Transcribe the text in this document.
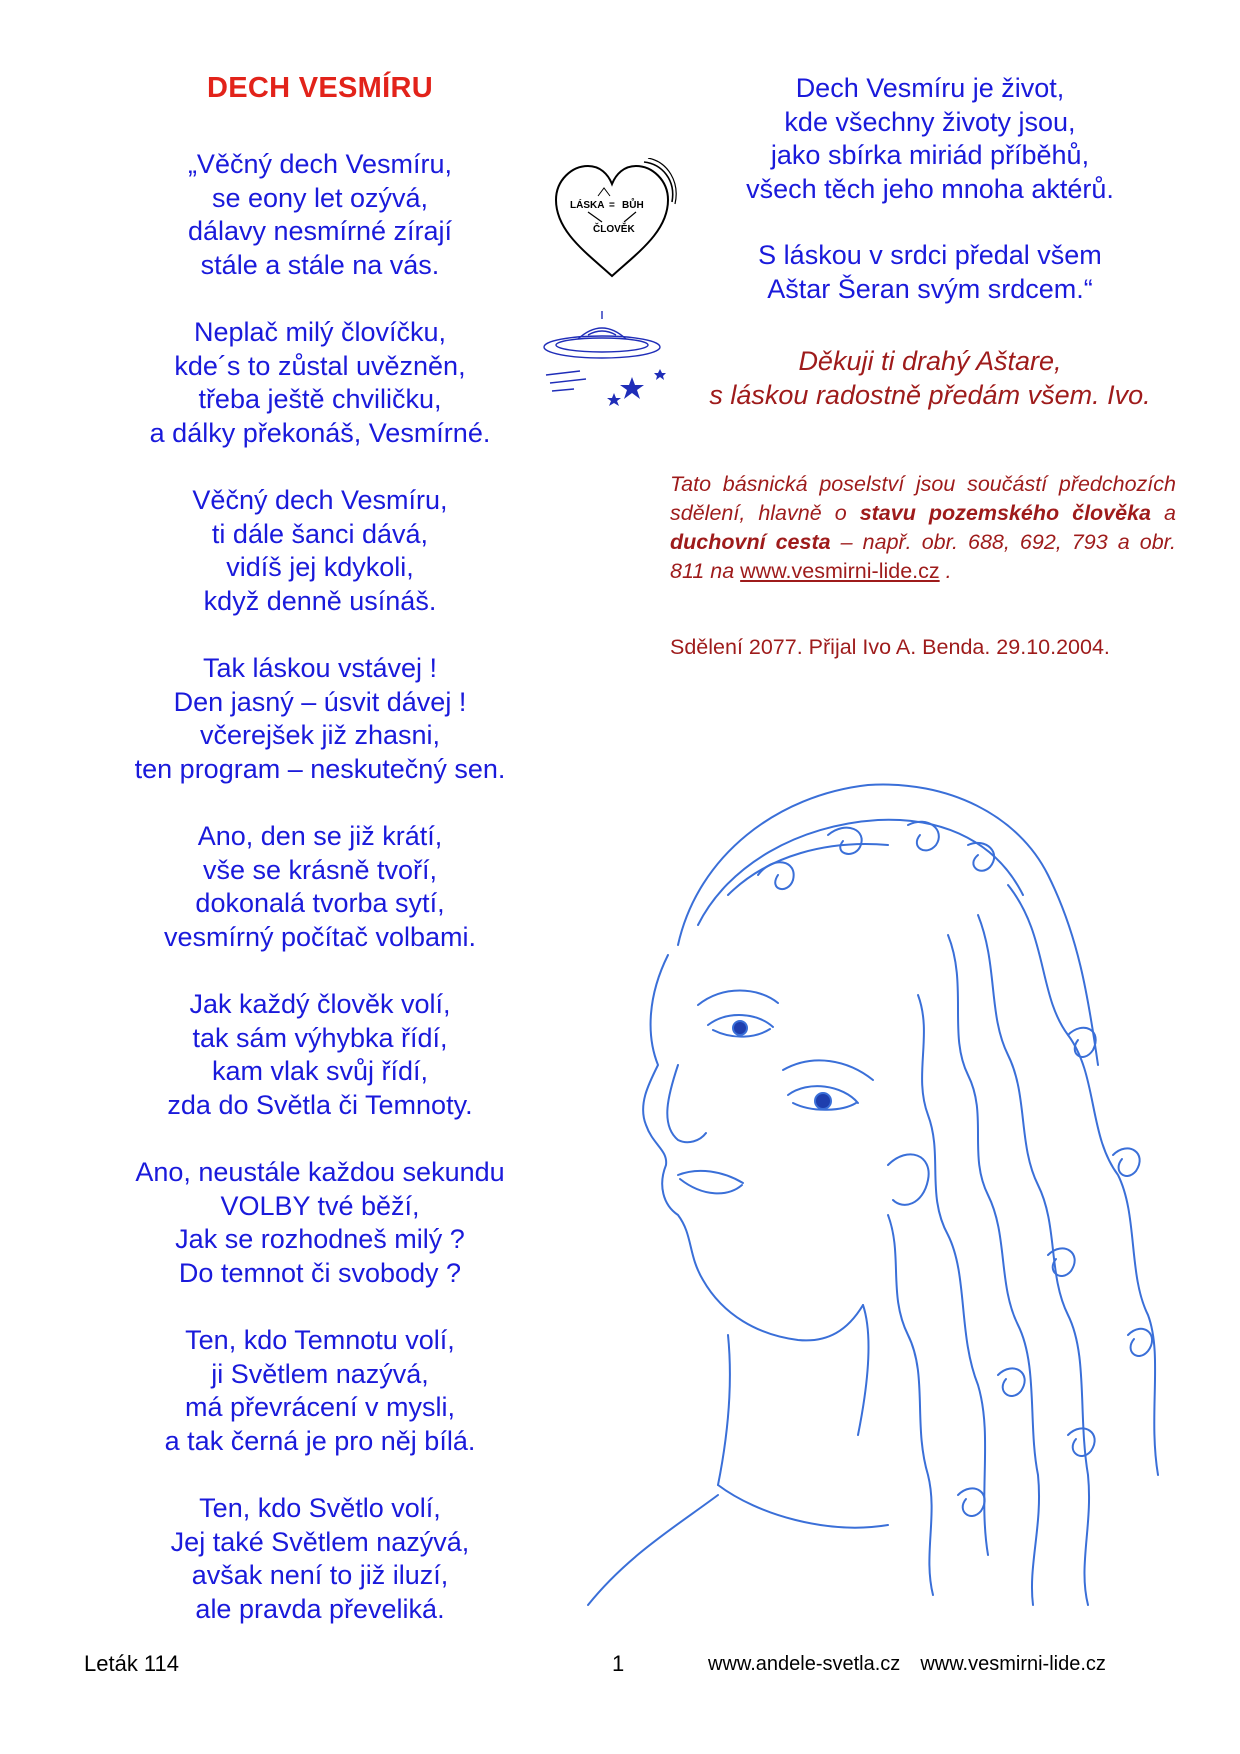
DECH VESMÍRU
„Věčný dech Vesmíru,
se eony let ozývá,
dálavy nesmírné zírají
stále a stále na vás.
Neplač milý človíčku,
kde´s to zůstal uvězněn,
třeba ještě chviličku,
a dálky překonáš, Vesmírné.
Věčný dech Vesmíru,
ti dále šanci dává,
vidíš jej kdykoli,
když denně usínáš.
Tak láskou vstávej !
Den jasný – úsvit dávej !
včerejšek již zhasni,
ten program – neskutečný sen.
Ano, den se již krátí,
vše se krásně tvoří,
dokonalá tvorba sytí,
vesmírný počítač volbami.
Jak každý člověk volí,
tak sám výhybka řídí,
kam vlak svůj řídí,
zda do Světla či Temnoty.
Ano, neustále každou sekundu
VOLBY tvé běží,
Jak se rozhodneš milý ?
Do temnot či svobody ?
Ten, kdo Temnotu volí,
ji Světlem nazývá,
má převrácení v mysli,
a tak černá je pro něj bílá.
Ten, kdo Světlo volí,
Jej také Světlem nazývá,
avšak není to již iluzí,
ale pravda převeliká.
LÁSKA = BŮH
ČLOVĚK
Dech Vesmíru je život,
kde všechny životy jsou,
jako sbírka miriád příběhů,
všech těch jeho mnoha aktérů.
S láskou v srdci předal všem
Aštar Šeran svým srdcem.“
Děkuji ti drahý Aštare,
s láskou radostně předám všem. Ivo.
Tato básnická poselství jsou součástí předchozích sdělení, hlavně o stavu pozemského člověka a duchovní cesta – např. obr. 688, 692, 793 a obr. 811 na www.vesmirni-lide.cz .
Sdělení 2077. Přijal Ivo A. Benda. 29.10.2004.
Leták 114	1	www.andele-svetla.cz www.vesmirni-lide.cz
